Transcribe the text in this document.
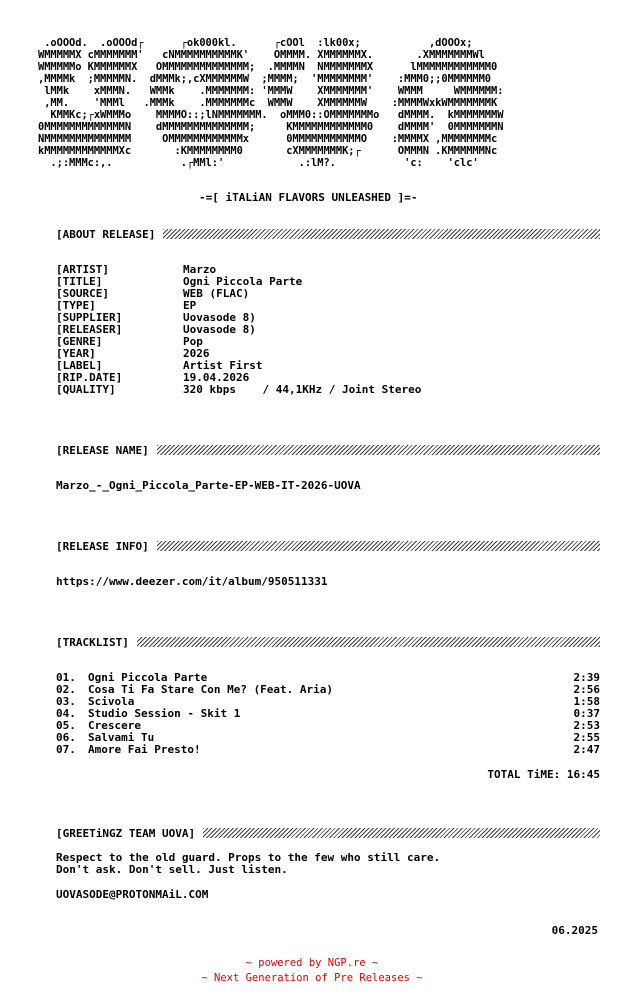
.oOOOd.  .oOOOd┌      ┌ok000kl.      ┌cOOl  :lk00x;           ,dOOOx;
WMMMMMX cMMMMMMM'   cNMMMMMMMMMMK'    OMMMM. XMMMMMMX.       .XMMMMMMMWl
WMMMMMo KMMMMMMX   OMMMMMMMMMMMMMM;  .MMMMN  NMMMMMMMX      lMMMMMMMMMMMM0
,MMMMk  ;MMMMMN.  dMMMk;,cXMMMMMMW  ;MMMM;  'MMMMMMMM'    :MMM0;;0MMMMMM0
lMMk    xMMMN.   WMMk    .MMMMMMM: 'MMMW    XMMMMMMM'    WMMM     WMMMMMM:
,MM.    'MMMl   .MMMk    .MMMMMMMc  WMMW    XMMMMMMW    :MMMMWxkWMMMMMMMK
KMMKc;┌xWMMMo    MMMMO::;lNMMMMMMM.  oMMM0::OMMMMMMMo   dMMMM.  kMMMMMMMW
0MMMMMMMMMMMMMN    dMMMMMMMMMMMMMM;     KMMMMMMMMMMMM0    dMMMM'  0MMMMMMMN
NMMMMMMMMMMMMMM     OMMMMMMMMMMMMx      0MMMMMMMMMMMO    :MMMMX ,MMMMMMMMc
kMMMMMMMMMMMMXc       :KMMMMMMMM0       cXMMMMMMMK;┌      OMMMN .KMMMMMMNc
.;:MMMc:,.           .┌MMl:'            .:lM?.           'c:    'clc'
-=[ iTALiAN FLAVORS UNLEASHED ]=-
[ABOUT RELEASE]
[ARTIST]	Marzo
[TITLE]	Ogni Piccola Parte
[SOURCE]	WEB (FLAC)
[TYPE]	EP
[SUPPLIER]	Uovasode 8)
[RELEASER]	Uovasode 8)
[GENRE]	Pop
[YEAR]	2026
[LABEL]	Artist First
[RIP.DATE]	19.04.2026
[QUALITY]	320 kbps    / 44,1KHz / Joint Stereo
[RELEASE NAME]
Marzo_-_Ogni_Piccola_Parte-EP-WEB-IT-2026-UOVA
[RELEASE INFO]
https://www.deezer.com/it/album/950511331
[TRACKLIST]
01.	Ogni Piccola Parte	2:39
02.	Cosa Ti Fa Stare Con Me? (Feat. Aria)	2:56
03.	Scivola	1:58
04.	Studio Session - Skit 1	0:37
05.	Crescere	2:53
06.	Salvami Tu	2:55
07.	Amore Fai Presto!	2:47
TOTAL TiME: 16:45
[GREETiNGZ TEAM UOVA]
Respect to the old guard. Props to the few who still care.
Don't ask. Don't sell. Just listen.
UOVASODE@PROTONMAiL.COM
06.2025
~ powered by NGP.re ~
~ Next Generation of Pre Releases ~
